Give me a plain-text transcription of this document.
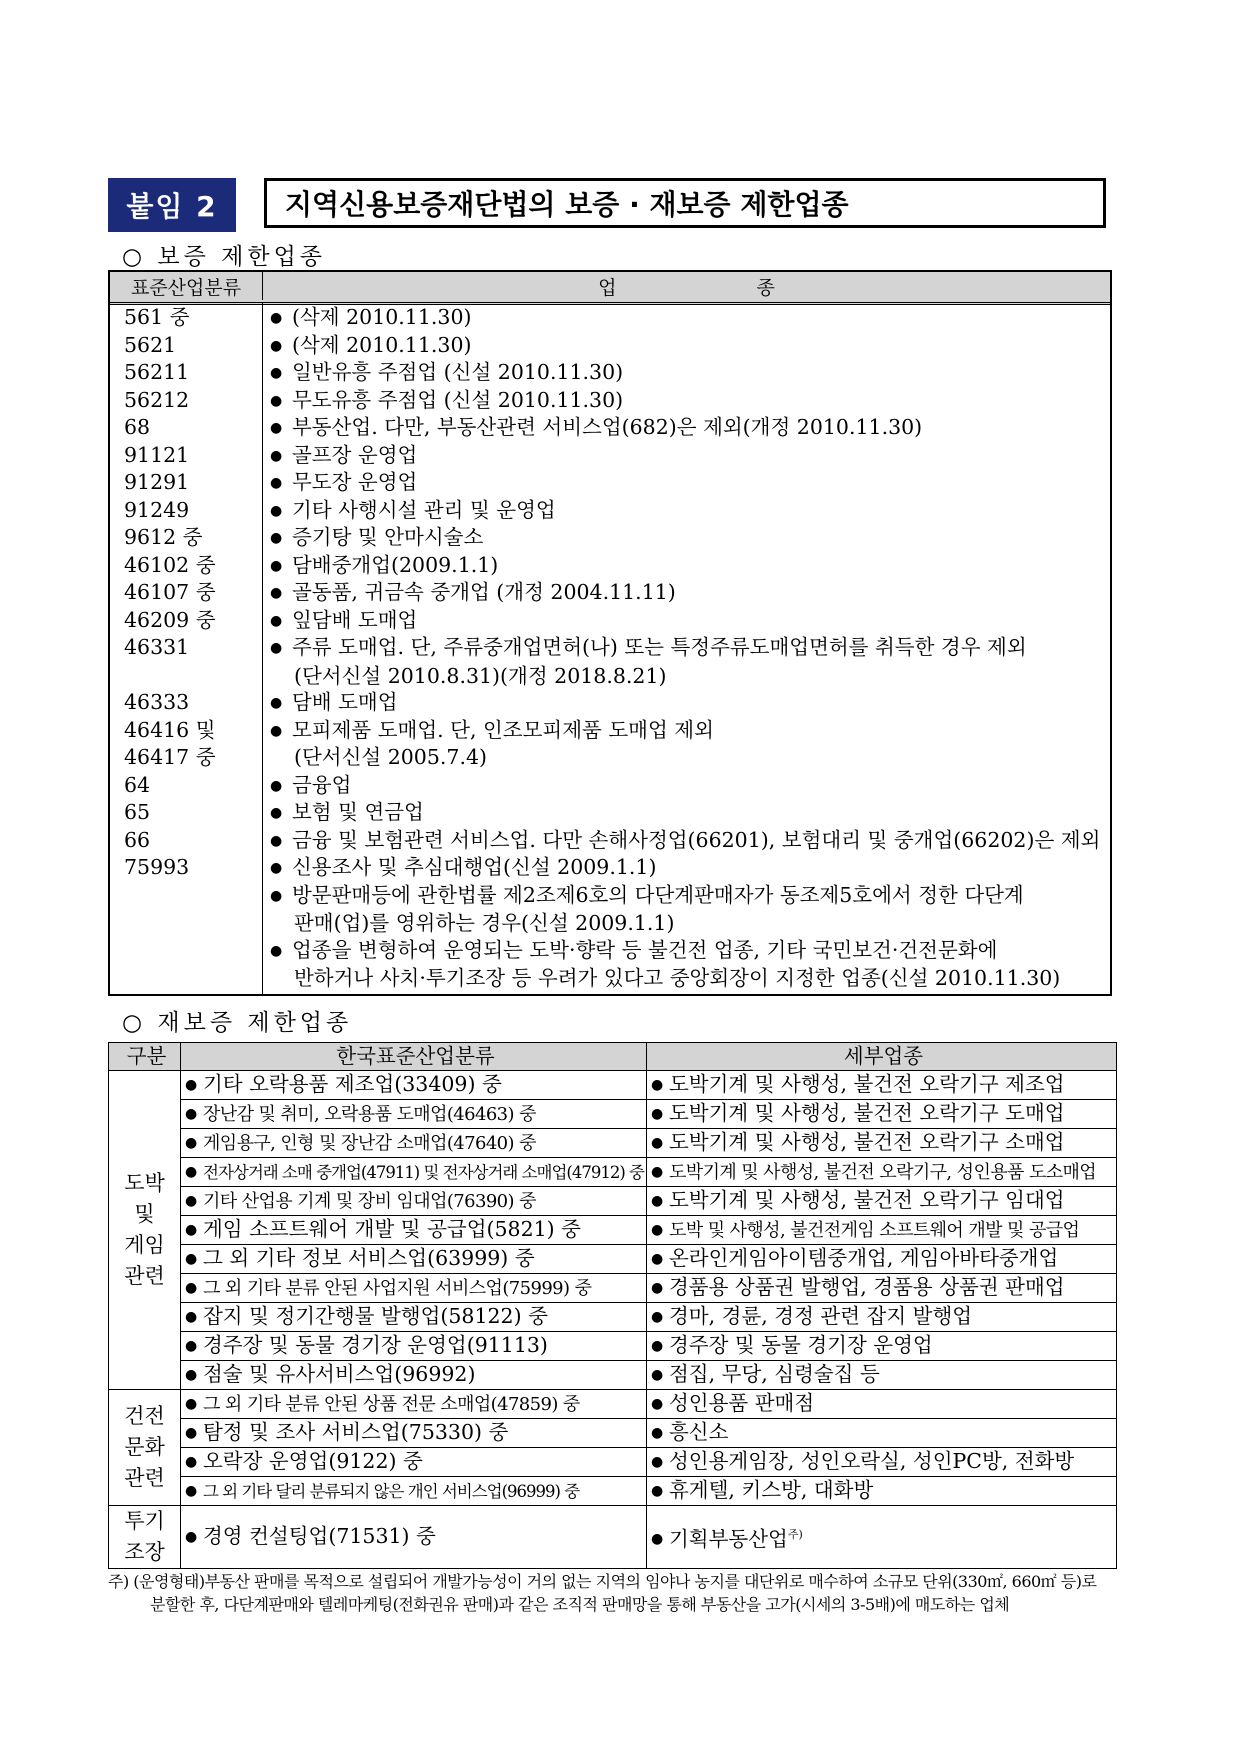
붙임 2	지역신용보증재단법의 보증 · 재보증 제한업종
○ 보증 제한업종
표준산업분류	업종
561 중	● (삭제 2010.11.30)
5621	● (삭제 2010.11.30)
56211	● 일반유흥 주점업 (신설 2010.11.30)
56212	● 무도유흥 주점업 (신설 2010.11.30)
68	● 부동산업. 다만, 부동산관련 서비스업(682)은 제외(개정 2010.11.30)
91121	● 골프장 운영업
91291	● 무도장 운영업
91249	● 기타 사행시설 관리 및 운영업
9612 중	● 증기탕 및 안마시술소
46102 중	● 담배중개업(2009.1.1)
46107 중	● 골동품, 귀금속 중개업 (개정 2004.11.11)
46209 중	● 잎담배 도매업
46331	● 주류 도매업. 단, 주류중개업면허(나) 또는 특정주류도매업면허를 취득한 경우 제외
(단서신설 2010.8.31)(개정 2018.8.21)
46333	● 담배 도매업
46416 및	● 모피제품 도매업. 단, 인조모피제품 도매업 제외
46417 중	(단서신설 2005.7.4)
64	● 금융업
65	● 보험 및 연금업
66	● 금융 및 보험관련 서비스업. 다만 손해사정업(66201), 보험대리 및 중개업(66202)은 제외
75993	● 신용조사 및 추심대행업(신설 2009.1.1)
● 방문판매등에 관한법률 제2조제6호의 다단계판매자가 동조제5호에서 정한 다단계
판매(업)를 영위하는 경우(신설 2009.1.1)
● 업종을 변형하여 운영되는 도박·향락 등 불건전 업종, 기타 국민보건·건전문화에
반하거나 사치·투기조장 등 우려가 있다고 중앙회장이 지정한 업종(신설 2010.11.30)
○ 재보증 제한업종
구분	한국표준산업분류	세부업종

도박
및
게임
관련	● 기타 오락용품 제조업(33409) 중	● 도박기계 및 사행성, 불건전 오락기구 제조업
	● 장난감 및 취미, 오락용품 도매업(46463) 중	● 도박기계 및 사행성, 불건전 오락기구 도매업
	● 게임용구, 인형 및 장난감 소매업(47640) 중	● 도박기계 및 사행성, 불건전 오락기구 소매업
	● 전자상거래 소매 중개업(47911) 및 전자상거래 소매업(47912) 중	● 도박기계 및 사행성, 불건전 오락기구, 성인용품 도소매업
	● 기타 산업용 기계 및 장비 임대업(76390) 중	● 도박기계 및 사행성, 불건전 오락기구 임대업
	● 게임 소프트웨어 개발 및 공급업(5821) 중	● 도박 및 사행성, 불건전게임 소프트웨어 개발 및 공급업
	● 그 외 기타 정보 서비스업(63999) 중	● 온라인게임아이템중개업, 게임아바타중개업
	● 그 외 기타 분류 안된 사업지원 서비스업(75999) 중	● 경품용 상품권 발행업, 경품용 상품권 판매업
	● 잡지 및 정기간행물 발행업(58122) 중	● 경마, 경륜, 경정 관련 잡지 발행업
	● 경주장 및 동물 경기장 운영업(91113)	● 경주장 및 동물 경기장 운영업
	● 점술 및 유사서비스업(96992)	● 점집, 무당, 심령술집 등

건전
문화
관련	● 그 외 기타 분류 안된 상품 전문 소매업(47859) 중	● 성인용품 판매점
	● 탐정 및 조사 서비스업(75330) 중	● 흥신소
	● 오락장 운영업(9122) 중	● 성인용게임장, 성인오락실, 성인PC방, 전화방
	● 그 외 기타 달리 분류되지 않은 개인 서비스업(96999) 중	● 휴게텔, 키스방, 대화방

투기
조장	● 경영 컨설팅업(71531) 중	● 기획부동산업$^{주)}$
주) (운영형태)부동산 판매를 목적으로 설립되어 개발가능성이 거의 없는 지역의 임야나 농지를 대단위로 매수하여 소규모 단위(330㎡, 660㎡ 등)로
분할한 후, 다단계판매와 텔레마케팅(전화권유 판매)과 같은 조직적 판매망을 통해 부동산을 고가(시세의 3-5배)에 매도하는 업체
